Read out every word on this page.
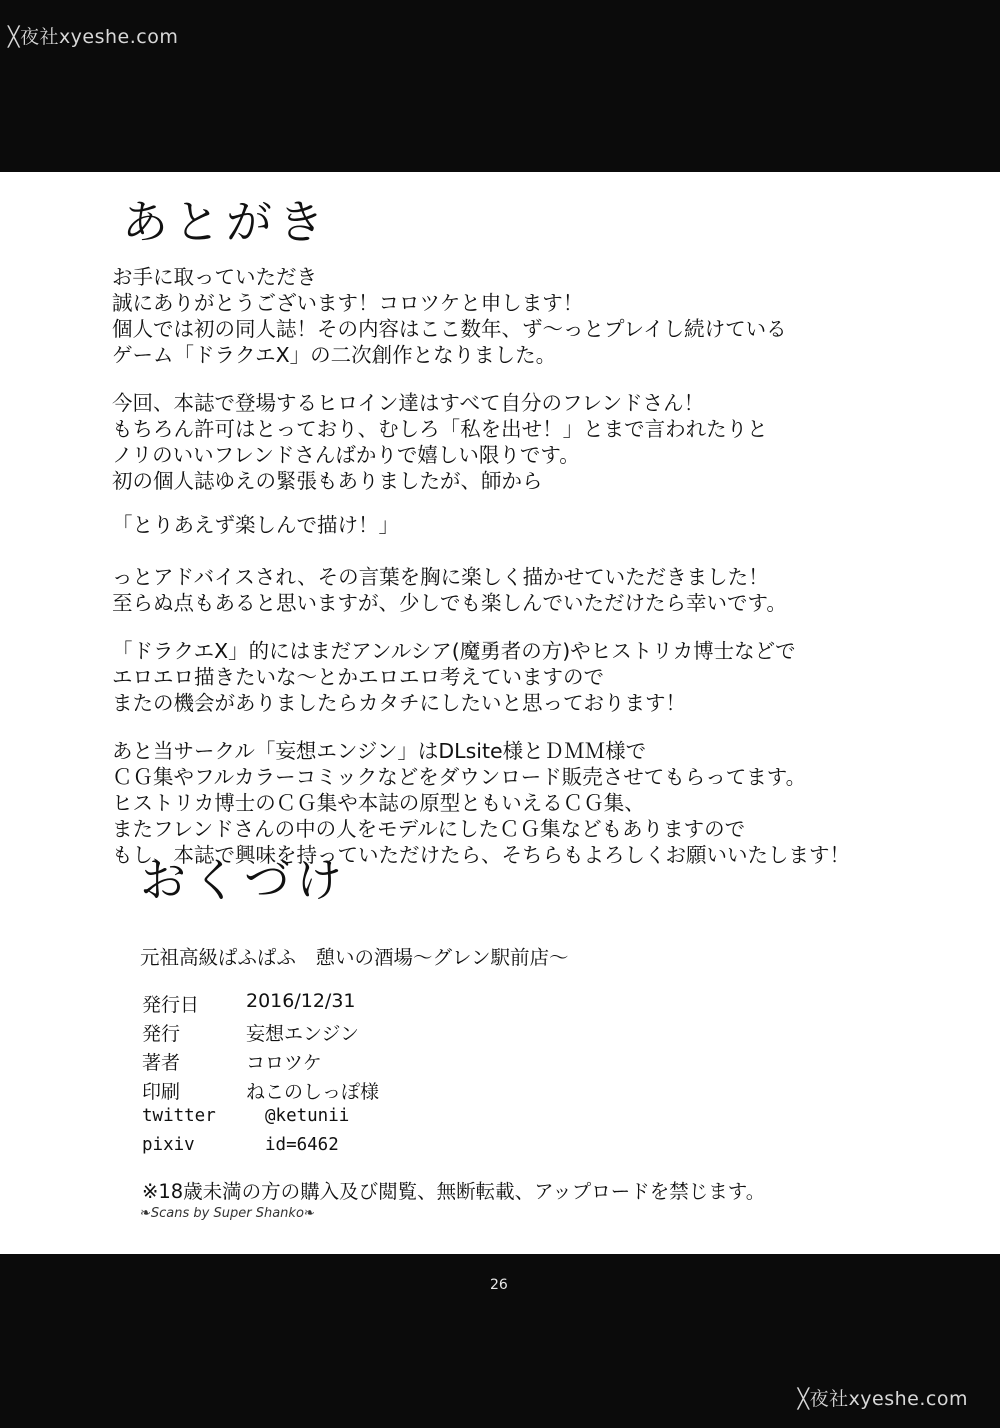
╳夜社xyeshe.com
あとがき
お手に取っていただき
誠にありがとうございます！コロツケと申します！
個人では初の同人誌！その内容はここ数年、ず〜っとプレイし続けている
ゲーム「ドラクエⅩ」の二次創作となりました。
今回、本誌で登場するヒロイン達はすべて自分のフレンドさん！
もちろん許可はとっており、むしろ「私を出せ！」とまで言われたりと
ノリのいいフレンドさんばかりで嬉しい限りです。
初の個人誌ゆえの緊張もありましたが、師から
「とりあえず楽しんで描け！」
っとアドバイスされ、その言葉を胸に楽しく描かせていただきました！
至らぬ点もあると思いますが、少しでも楽しんでいただけたら幸いです。
「ドラクエⅩ」的にはまだアンルシア(魔勇者の方)やヒストリカ博士などで
エロエロ描きたいな〜とかエロエロ考えていますので
またの機会がありましたらカタチにしたいと思っております！
あと当サークル「妄想エンジン」はDLsite様とＤＭＭ様で
ＣＧ集やフルカラーコミックなどをダウンロード販売させてもらってます。
ヒストリカ博士のＣＧ集や本誌の原型ともいえるＣＧ集、
またフレンドさんの中の人をモデルにしたＣＧ集などもありますので
もし、本誌で興味を持っていただけたら、そちらもよろしくお願いいたします！
おくづけ
元祖高級ぱふぱふ　憩いの酒場〜グレン駅前店〜
発行日	2016/12/31
発行	妄想エンジン
著者	コロツケ
印刷	ねこのしっぽ様
twitter	@ketunii
pixiv	id=6462
※18歳未満の方の購入及び閲覧、無断転載、アップロードを禁じます。
❧Scans by Super Shanko❧
26
╳夜社xyeshe.com
